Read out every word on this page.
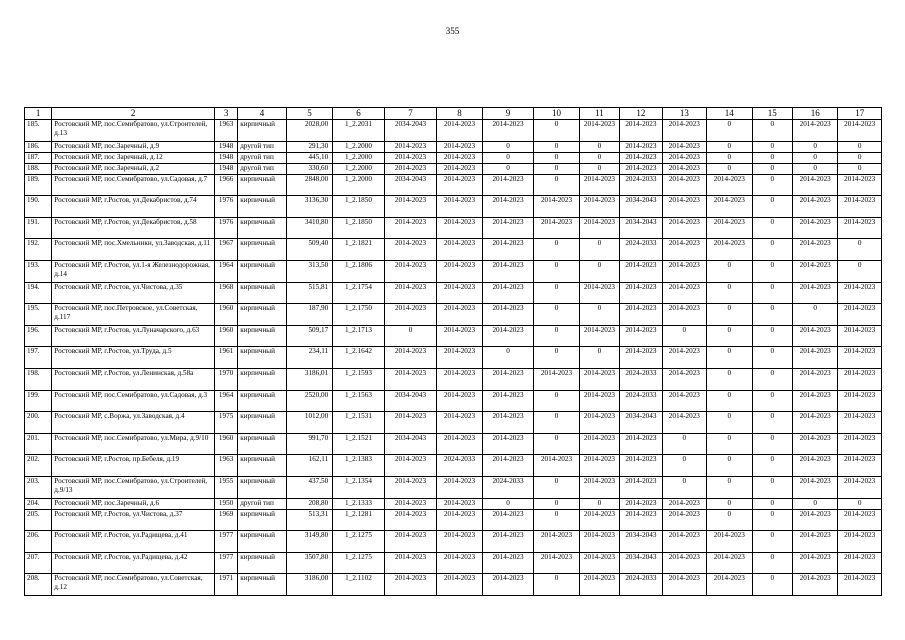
355
1	2	3	4	5	6	7	8	9	10	11	12	13	14	15	16	17
185.	Ростовский МР, пос.Семибратово, ул.Строителей, д.13	1963	кирпичный	2028,00	1_2.2031	2034-2043	2014-2023	2014-2023	0	2014-2023	2014-2023	2014-2023	0	0	2014-2023	2014-2023
186.	Ростовский МР, пос.Заречный, д.9	1948	другой тип	291,30	1_2.2000	2014-2023	2014-2023	0	0	0	2014-2023	2014-2023	0	0	0	0
187.	Ростовский МР, пос Заречный, д.12	1948	другой тип	445,10	1_2.2000	2014-2023	2014-2023	0	0	0	2014-2023	2014-2023	0	0	0	0
188.	Ростовский МР, пос.Заречный, д.2	1948	другой тип	330,60	1_2.2000	2014-2023	2014-2023	0	0	0	2014-2023	2014-2023	0	0	0	0
189.	Ростовский МР, пос.Семибратово, ул.Садовая, д.7	1966	кирпичный	2848,00	1_2.2000	2034-2043	2014-2023	2014-2023	0	2014-2023	2024-2033	2014-2023	2014-2023	0	2014-2023	2014-2023
190.	Ростовский МР, г.Ростов, ул.Декабристов, д.74	1976	кирпичный	3136,30	1_2.1850	2014-2023	2014-2023	2014-2023	2014-2023	2014-2023	2034-2043	2014-2023	2014-2023	0	2014-2023	2014-2023
191.	Ростовский МР, г.Ростов, ул.Декабристов, д.58	1976	кирпичный	3410,80	1_2.1850	2014-2023	2014-2023	2014-2023	2014-2023	2014-2023	2034-2043	2014-2023	2014-2023	0	2014-2023	2014-2023
192.	Ростовский МР, пос.Хмельники, ул.Заводская, д.11	1967	кирпичный	509,40	1_2.1821	2014-2023	2014-2023	2014-2023	0	0	2024-2033	2014-2023	2014-2023	0	2014-2023	0
193.	Ростовский МР, г.Ростов, ул.1-я Железнодорожная, д.14	1964	кирпичный	313,50	1_2.1806	2014-2023	2014-2023	2014-2023	0	0	2014-2023	2014-2023	0	0	2014-2023	0
194.	Ростовский МР, г.Ростов, ул.Чистова, д.35	1968	кирпичный	515,81	1_2.1754	2014-2023	2014-2023	2014-2023	0	2014-2023	2014-2023	2014-2023	0	0	2014-2023	2014-2023
195.	Ростовский МР, пос.Петровское, ул.Советская, д.117	1960	кирпичный	187,90	1_2.1750	2014-2023	2014-2023	2014-2023	0	0	2014-2023	2014-2023	0	0	0	2014-2023
196.	Ростовский МР, г.Ростов, ул.Луначарского, д.63	1960	кирпичный	509,17	1_2.1713	0	2014-2023	2014-2023	0	2014-2023	2014-2023	0	0	0	2014-2023	2014-2023
197.	Ростовский МР, г.Ростов, ул.Труда, д.5	1961	кирпичный	234,11	1_2.1642	2014-2023	2014-2023	0	0	0	2014-2023	2014-2023	0	0	2014-2023	2014-2023
198.	Ростовский МР, г.Ростов, ул.Ленинская, д.58а	1970	кирпичный	3186,01	1_2.1593	2014-2023	2014-2023	2014-2023	2014-2023	2014-2023	2024-2033	2014-2023	0	0	2014-2023	2014-2023
199.	Ростовский МР, пос.Семибратово, ул.Садовая, д.3	1964	кирпичный	2520,00	1_2.1563	2034-2043	2014-2023	2014-2023	0	2014-2023	2024-2033	2014-2023	0	0	2014-2023	2014-2023
200.	Ростовский МР, с.Воржа, ул.Заводская, д.4	1975	кирпичный	1012,00	1_2.1531	2014-2023	2014-2023	2014-2023	0	2014-2023	2034-2043	2014-2023	0	0	2014-2023	2014-2023
201.	Ростовский МР, пос.Семибратово, ул.Мира, д.9/10	1960	кирпичный	991,70	1_2.1521	2034-2043	2014-2023	2014-2023	0	2014-2023	2014-2023	0	0	0	2014-2023	2014-2023
202.	Ростовский МР, г.Ростов, пр.Бебеля, д.19	1963	кирпичный	162,11	1_2.1383	2014-2023	2024-2033	2014-2023	2014-2023	2014-2023	2014-2023	0	0	0	2014-2023	2014-2023
203.	Ростовский МР, пос.Семибратово, ул.Строителей, д.9/13	1955	кирпичный	437,50	1_2.1354	2014-2023	2014-2023	2024-2033	0	2014-2023	2014-2023	0	0	0	2014-2023	2014-2023
204.	Ростовский МР, пос.Заречный, д.6	1950	другой тип	208,80	1_2.1333	2014-2023	2014-2023	0	0	0	2014-2023	2014-2023	0	0	0	0
205.	Ростовский МР, г.Ростов, ул.Чистова, д.37	1969	кирпичный	513,31	1_2.1281	2014-2023	2014-2023	2014-2023	0	2014-2023	2014-2023	2014-2023	0	0	2014-2023	2014-2023
206.	Ростовский МР, г.Ростов, ул.Радищева, д.41	1977	кирпичный	3149,80	1_2.1275	2014-2023	2014-2023	2014-2023	2014-2023	2014-2023	2034-2043	2014-2023	2014-2023	0	2014-2023	2014-2023
207.	Ростовский МР, г.Ростов, ул.Радищева, д.42	1977	кирпичный	3507,80	1_2.1275	2014-2023	2014-2023	2014-2023	2014-2023	2014-2023	2034-2043	2014-2023	2014-2023	0	2014-2023	2014-2023
208.	Ростовский МР, пос.Семибратово, ул.Советская, д.12	1971	кирпичный	3186,00	1_2.1102	2014-2023	2014-2023	2014-2023	0	2014-2023	2024-2033	2014-2023	2014-2023	0	2014-2023	2014-2023
